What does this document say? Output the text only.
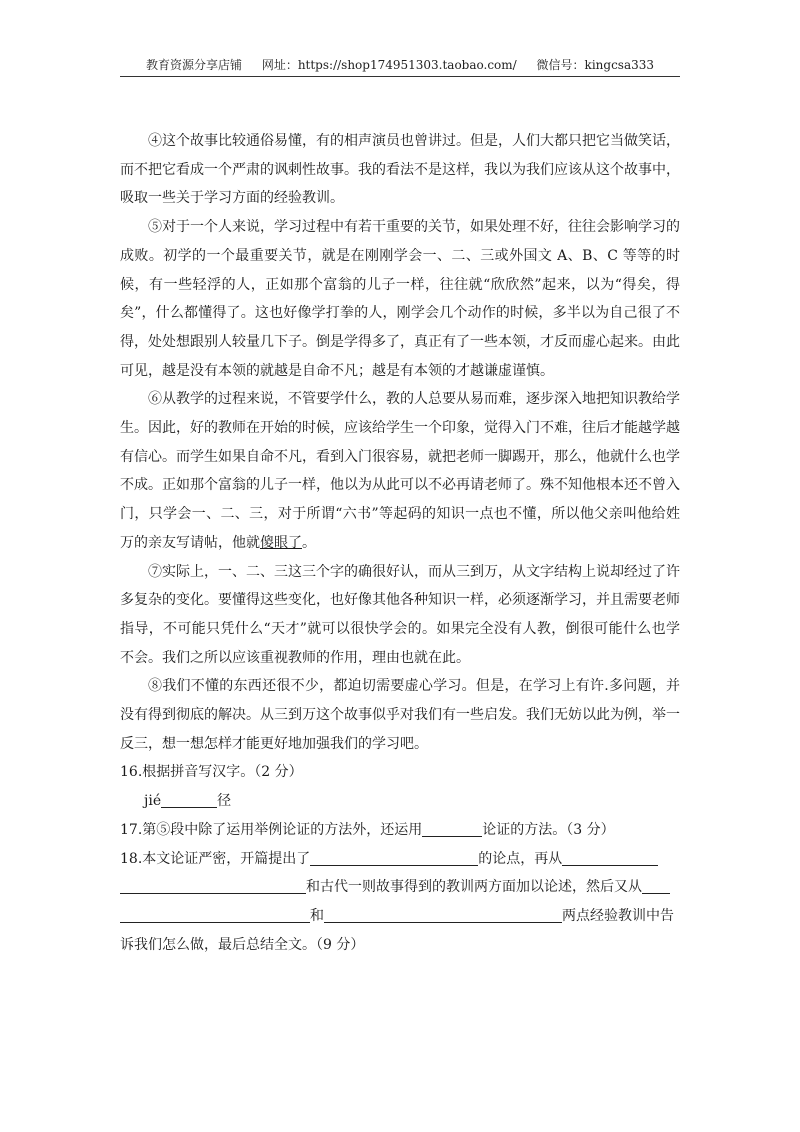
教育资源分享店铺 网址：https://shop174951303.taobao.com/ 微信号：kingcsa333

④这个故事比较通俗易懂，有的相声演员也曾讲过。但是，人们大都只把它当做笑话，而不把它看成一个严肃的讽刺性故事。我的看法不是这样，我以为我们应该从这个故事中，吸取一些关于学习方面的经验教训。

⑤对于一个人来说，学习过程中有若干重要的关节，如果处理不好，往往会影响学习的成败。初学的一个最重要关节，就是在刚刚学会一、二、三或外国文 A、B、C 等等的时候，有一些轻浮的人，正如那个富翁的儿子一样，往往就“欣欣然”起来，以为“得矣，得矣”，什么都懂得了。这也好像学打拳的人，刚学会几个动作的时候，多半以为自己很了不得，处处想跟别人较量几下子。倒是学得多了，真正有了一些本领，才反而虚心起来。由此可见，越是没有本领的就越是自命不凡；越是有本领的才越谦虚谨慎。

⑥从教学的过程来说，不管要学什么，教的人总要从易而难，逐步深入地把知识教给学生。因此，好的教师在开始的时候，应该给学生一个印象，觉得入门不难，往后才能越学越有信心。而学生如果自命不凡，看到入门很容易，就把老师一脚踢开，那么，他就什么也学不成。正如那个富翁的儿子一样，他以为从此可以不必再请老师了。殊不知他根本还不曾入门，只学会一、二、三，对于所谓“六书”等起码的知识一点也不懂，所以他父亲叫他给姓万的亲友写请帖，他就傻眼了。

⑦实际上，一、二、三这三个字的确很好认，而从三到万，从文字结构上说却经过了许多复杂的变化。要懂得这些变化，也好像其他各种知识一样，必须逐渐学习，并且需要老师指导，不可能只凭什么“天才”就可以很快学会的。如果完全没有人教，倒很可能什么也学不会。我们之所以应该重视教师的作用，理由也就在此。

⑧我们不懂的东西还很不少，都迫切需要虚心学习。但是，在学习上有许.多问题，并没有得到彻底的解决。从三到万这个故事似乎对我们有一些启发。我们无妨以此为例，举一反三，想一想怎样才能更好地加强我们的学习吧。

16.根据拼音写汉字。（2 分）

jié	径

17.第⑤段中除了运用举例论证的方法外，还运用	论证的方法。（3 分）

18.本文论证严密，开篇提出了	的论点，再从和古代一则故事得到的教训两方面加以论述，然后又从和	两点经验教训中告诉我们怎么做，最后总结全文。（9 分）
